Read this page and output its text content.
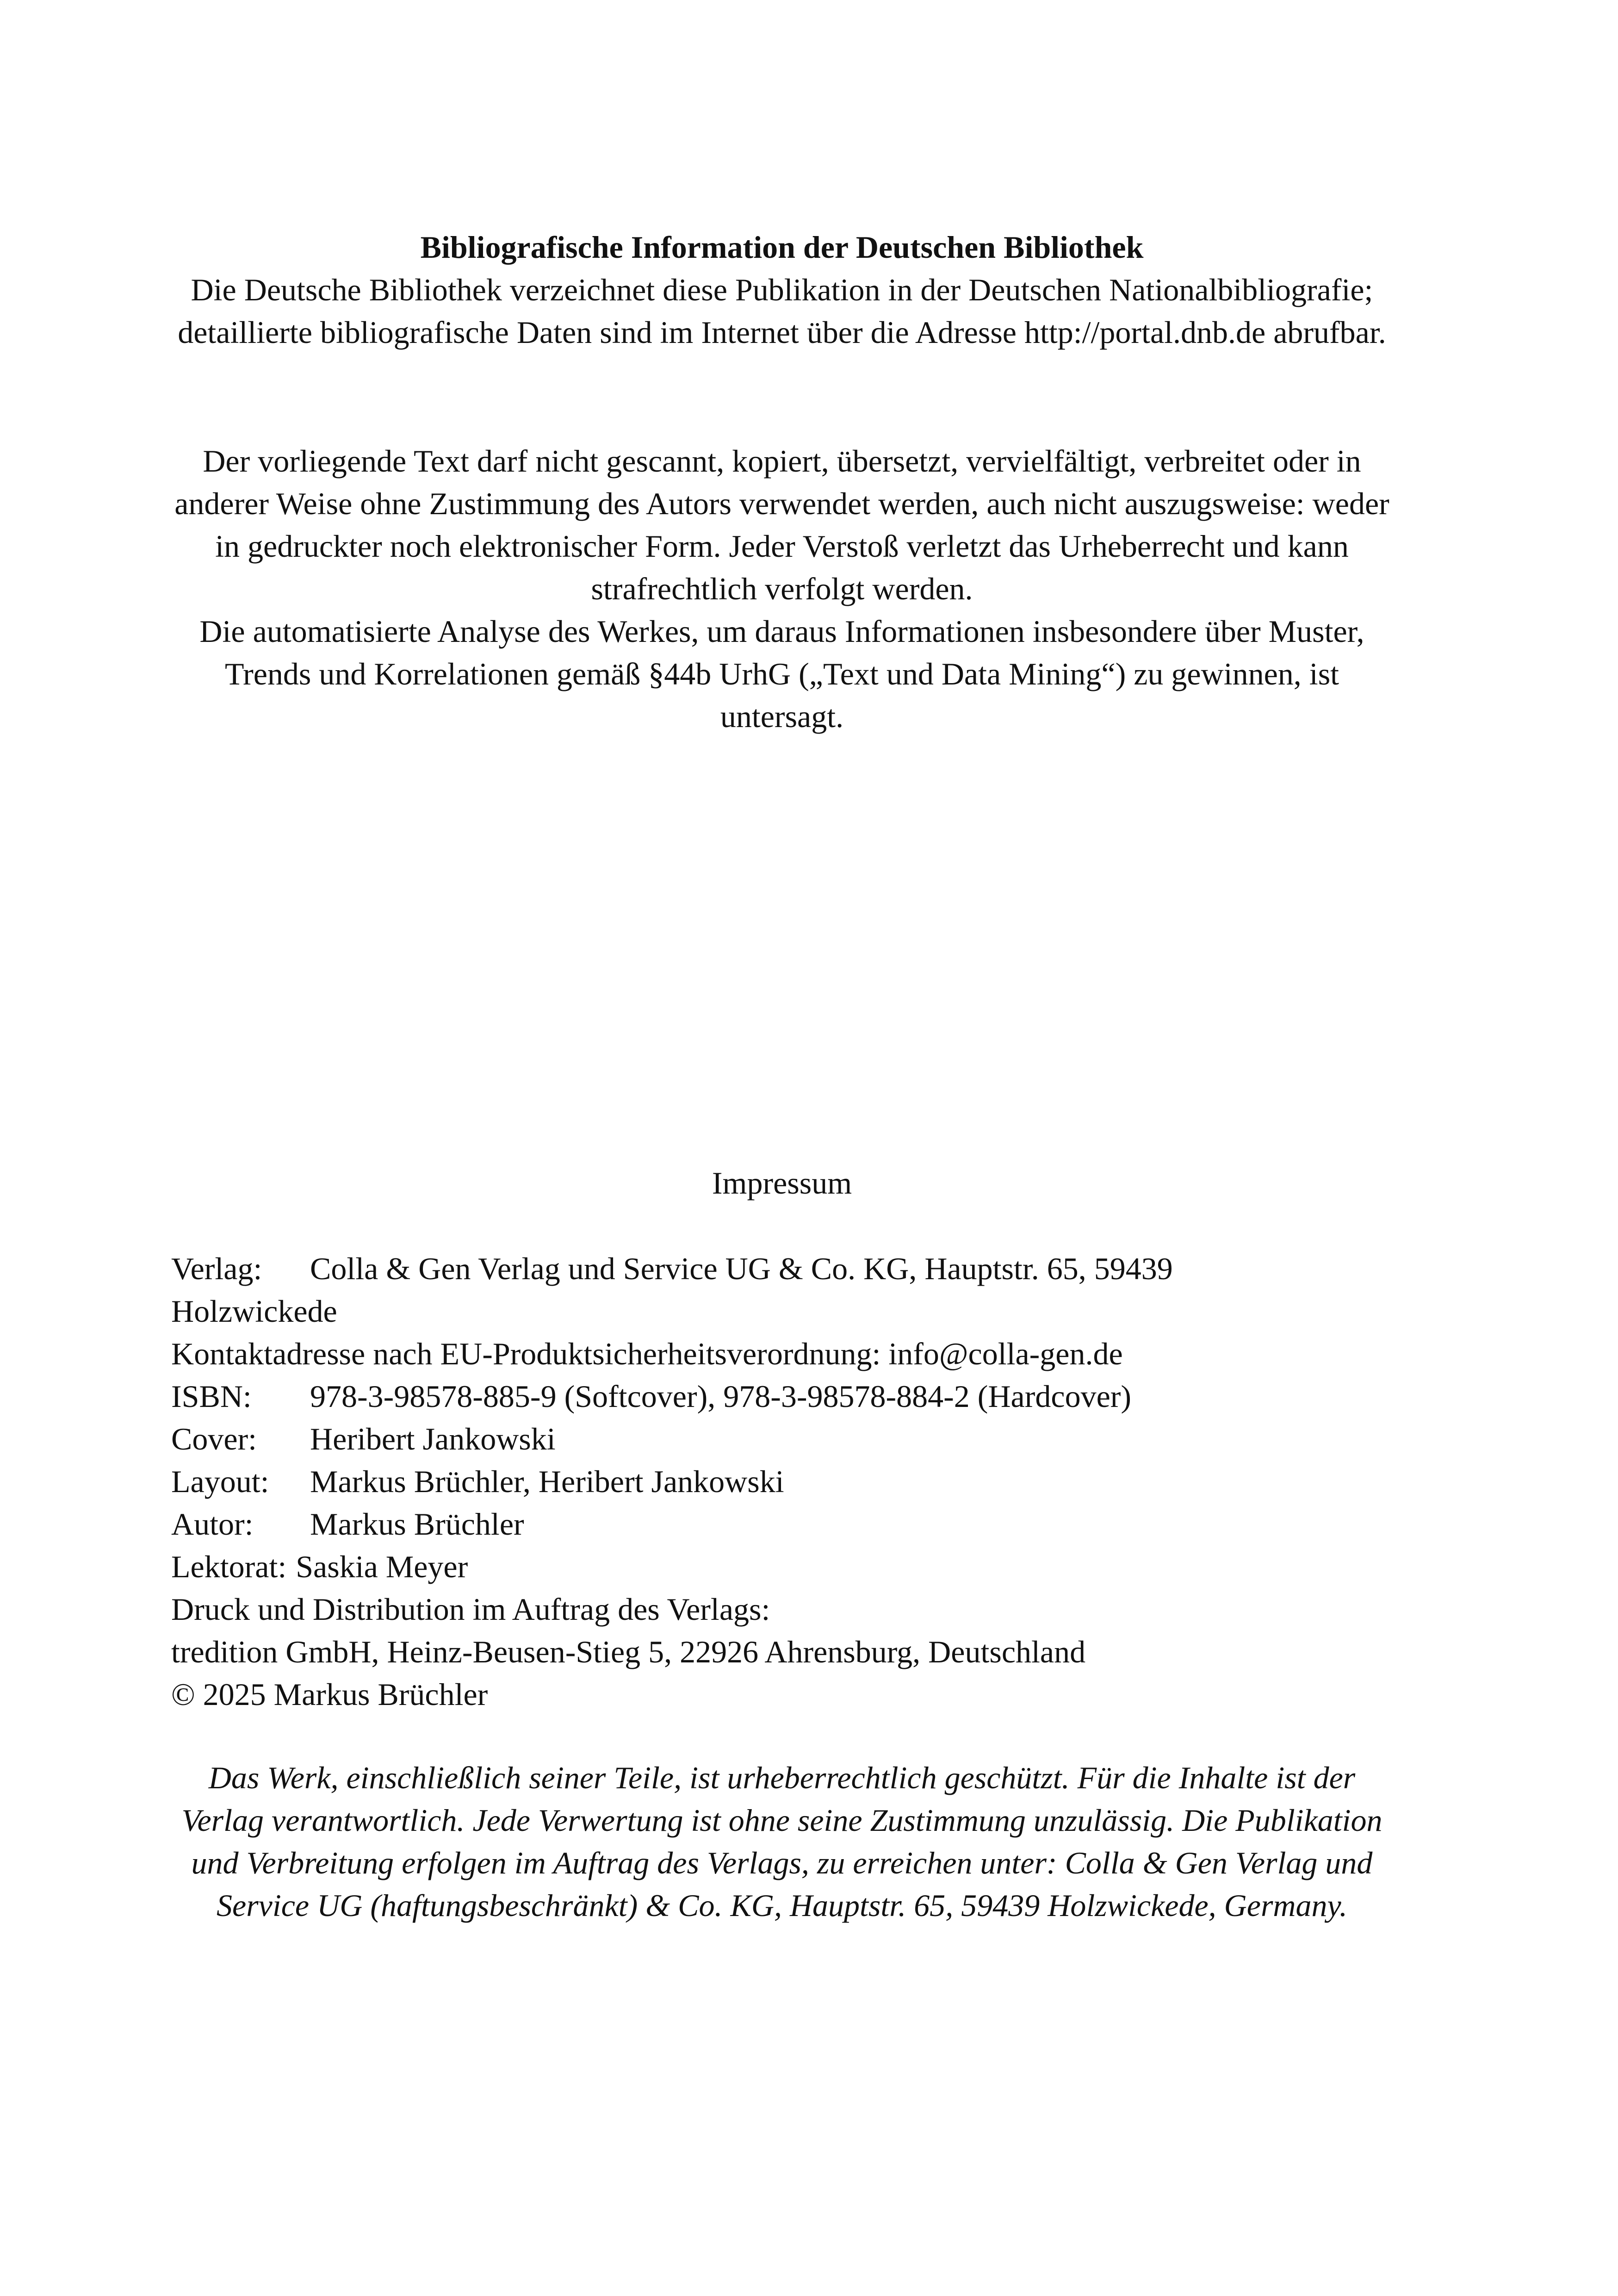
Bibliografische Information der Deutschen Bibliothek
Die Deutsche Bibliothek verzeichnet diese Publikation in der Deutschen Nationalbibliografie; detaillierte bibliografische Daten sind im Internet über die Adresse http://portal.dnb.de abrufbar.

Der vorliegende Text darf nicht gescannt, kopiert, übersetzt, vervielfältigt, verbreitet oder in anderer Weise ohne Zustimmung des Autors verwendet werden, auch nicht auszugsweise: weder in gedruckter noch elektronischer Form. Jeder Verstoß verletzt das Urheberrecht und kann strafrechtlich verfolgt werden.

Die automatisierte Analyse des Werkes, um daraus Informationen insbesondere über Muster, Trends und Korrelationen gemäß §44b UrhG („Text und Data Mining“) zu gewinnen, ist untersagt.

Impressum
Verlag: Colla & Gen Verlag und Service UG & Co. KG, Hauptstr. 65, 59439
Holzwickede
Kontaktadresse nach EU-Produktsicherheitsverordnung: info@colla-gen.de
ISBN: 978-3-98578-885-9 (Softcover), 978-3-98578-884-2 (Hardcover)
Cover: Heribert Jankowski
Layout: Markus Brüchler, Heribert Jankowski
Autor: Markus Brüchler
Lektorat: Saskia Meyer
Druck und Distribution im Auftrag des Verlags:
tredition GmbH, Heinz-Beusen-Stieg 5, 22926 Ahrensburg, Deutschland
© 2025 Markus Brüchler
Das Werk, einschließlich seiner Teile, ist urheberrechtlich geschützt. Für die Inhalte ist der Verlag verantwortlich. Jede Verwertung ist ohne seine Zustimmung unzulässig. Die Publikation und Verbreitung erfolgen im Auftrag des Verlags, zu erreichen unter: Colla & Gen Verlag und Service UG (haftungsbeschränkt) & Co. KG, Hauptstr. 65, 59439 Holzwickede, Germany.
